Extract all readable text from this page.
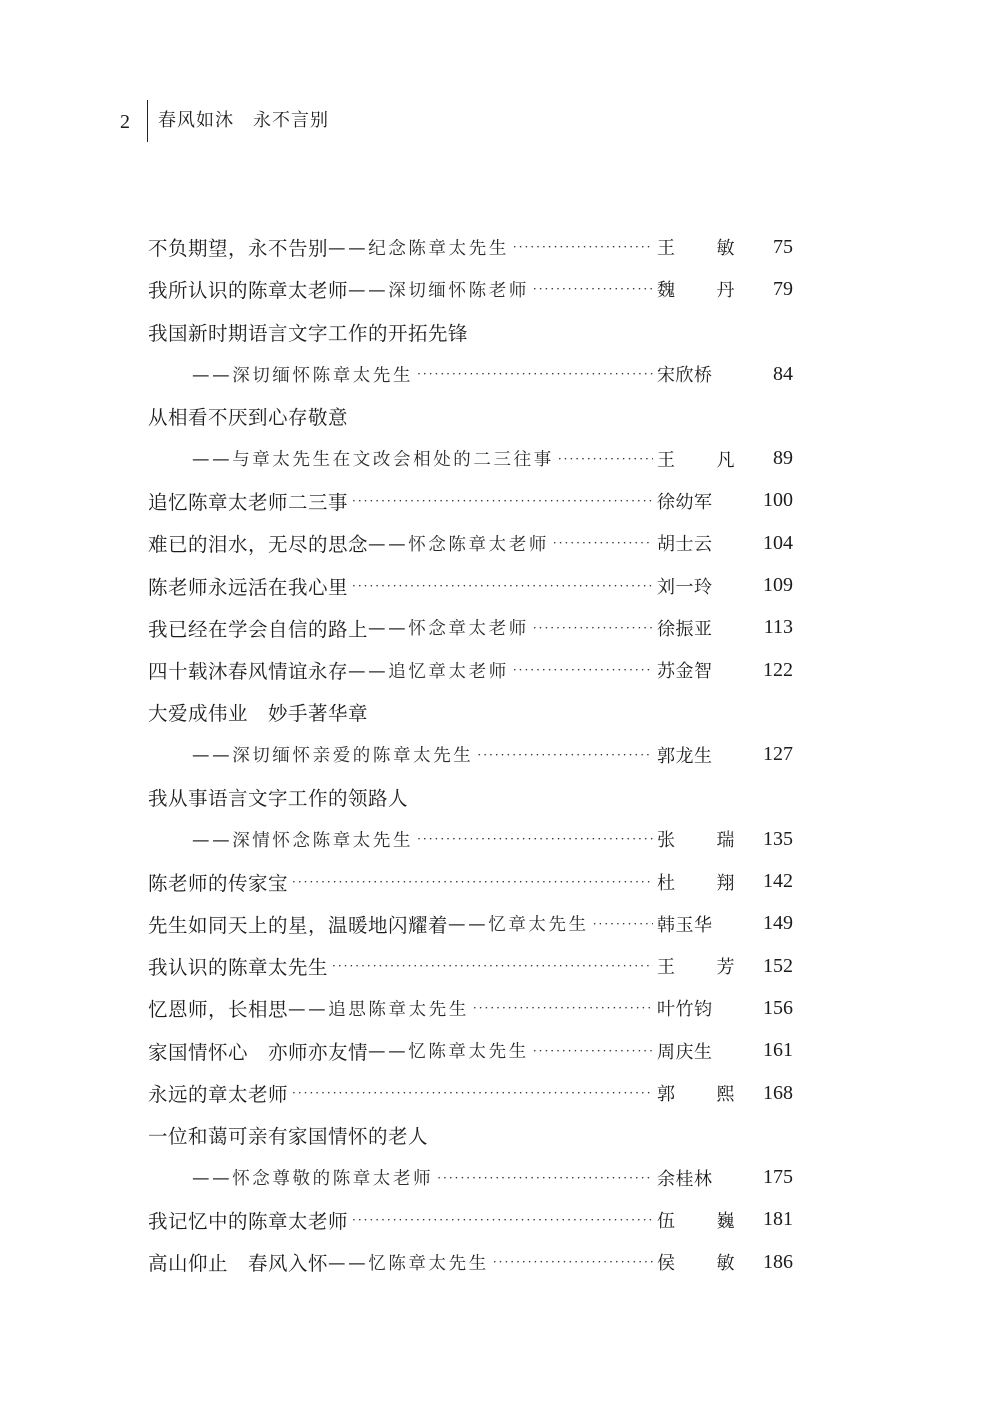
2 春风如沐　永不言别
不负期望，永不告别 ——纪念陈章太先生 ·····	王 敏	75
我所认识的陈章太老师 ——深切缅怀陈老师 ·····	魏 丹	79
我国新时期语言文字工作的开拓先锋
——深切缅怀陈章太先生 ·····	宋欣桥	84
从相看不厌到心存敬意
——与章太先生在文改会相处的二三往事 ·····	王 凡	89
追忆陈章太老师二三事 ·····	徐幼军	100
难已的泪水，无尽的思念 ——怀念陈章太老师 ·····	胡士云	104
陈老师永远活在我心里 ·····	刘一玲	109
我已经在学会自信的路上 ——怀念章太老师 ·····	徐振亚	113
四十载沐春风情谊永存 ——追忆章太老师 ·····	苏金智	122
大爱成伟业　妙手著华章
——深切缅怀亲爱的陈章太先生 ·····	郭龙生	127
我从事语言文字工作的领路人
——深情怀念陈章太先生 ·····	张 瑞	135
陈老师的传家宝 ·····	杜 翔	142
先生如同天上的星，温暖地闪耀着 ——忆章太先生 ·····	韩玉华	149
我认识的陈章太先生 ·····	王 芳	152
忆恩师，长相思 ——追思陈章太先生 ·····	叶竹钧	156
家国情怀心　亦师亦友情 ——忆陈章太先生 ·····	周庆生	161
永远的章太老师 ·····	郭 熙	168
一位和蔼可亲有家国情怀的老人
——怀念尊敬的陈章太老师 ·····	余桂林	175
我记忆中的陈章太老师 ·····	伍 巍	181
高山仰止　春风入怀 ——忆陈章太先生 ·····	侯 敏	186
